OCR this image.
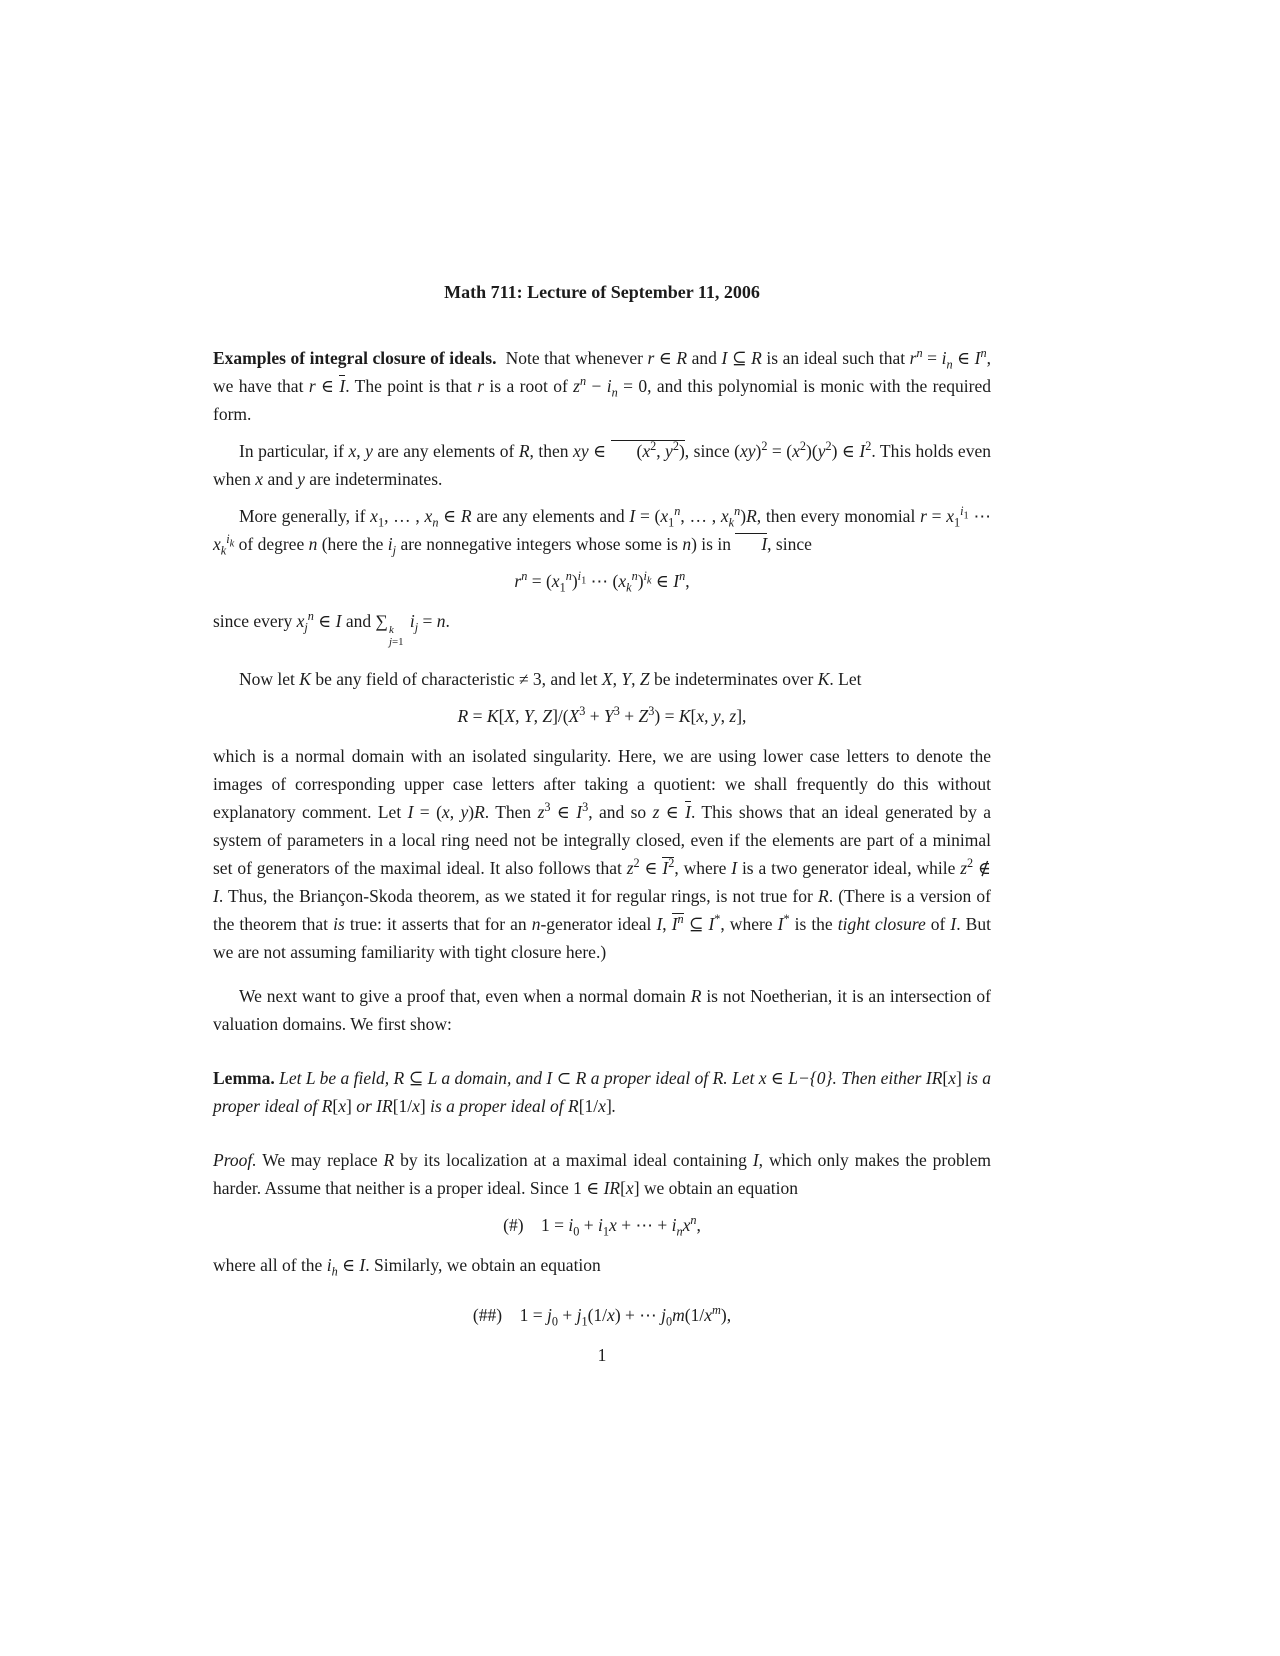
Math 711: Lecture of September 11, 2006

Examples of integral closure of ideals.  Note that whenever r ∈ R and I ⊆ R is an ideal such that $r^n = i_n$ ∈ $I^n$, we have that r ∈ I. The point is that r is a root of $z^n - i_n = 0$, and this polynomial is monic with the required form.

In particular, if x, y are any elements of R, then xy ∈ ($x^2$, $y^2$), since $(xy)^2 = (x^2)(y^2)$ ∈ $I^2$. This holds even when x and y are indeterminates.

More generally, if $x_1$, … , $x_n$ ∈ R are any elements and $I = (x_1^n$, … , $x_k^n)R$, then every monomial $r = x_1^{i_1}$ ⋯ $x_k^{i_k}$ of degree n (here the $i_j$ are nonnegative integers whose some is n) is in I, since

$r^n = (x_1^n)^{i_1}$ ⋯ $(x_k^n)^{i_k}$ ∈ $I^n$,

since every $x_j^n$ ∈ I and ∑ k
j=1
$i_j = n$.

Now let K be any field of characteristic ≠ 3, and let X, Y, Z be indeterminates over K. Let

R = K[X, Y, $Z]/(X^3 + Y^3 + Z^3) = K[x$, y, z],

which is a normal domain with an isolated singularity. Here, we are using lower case letters to denote the images of corresponding upper case letters after taking a quotient: we shall frequently do this without explanatory comment. Let I = (x, y)R. Then $z^3$ ∈ $I^3$, and so z ∈ I. This shows that an ideal generated by a system of parameters in a local ring need not be integrally closed, even if the elements are part of a minimal set of generators of the maximal ideal. It also follows that $z^2$ ∈ $I^2$, where I is a two generator ideal, while $z^2$ ∉ I. Thus, the Briançon-Skoda theorem, as we stated it for regular rings, is not true for R. (There is a version of the theorem that is true: it asserts that for an n-generator ideal I, $I^n$ ⊆ I*, where I* is the tight closure of I. But we are not assuming familiarity with tight closure here.)

We next want to give a proof that, even when a normal domain R is not Noetherian, it is an intersection of valuation domains. We first show:

Lemma. Let L be a field, R ⊆ L a domain, and I ⊂ R a proper ideal of R. Let x ∈ L−{0}. Then either IR[x] is a proper ideal of R[x] or IR[1/x] is a proper ideal of R[1/x].

Proof. We may replace R by its localization at a maximal ideal containing I, which only makes the problem harder. Assume that neither is a proper ideal. Since 1 ∈ IR[x] we obtain an equation

(#)    $1 = i_0 + i_1x$ + ⋯ + $i_nx^n$,

where all of the $i_h$ ∈ I. Similarly, we obtain an equation

(##)    $1 = j_0 + j_1(1/x)$ + ⋯ $j_0m(1/x^m)$,

1
